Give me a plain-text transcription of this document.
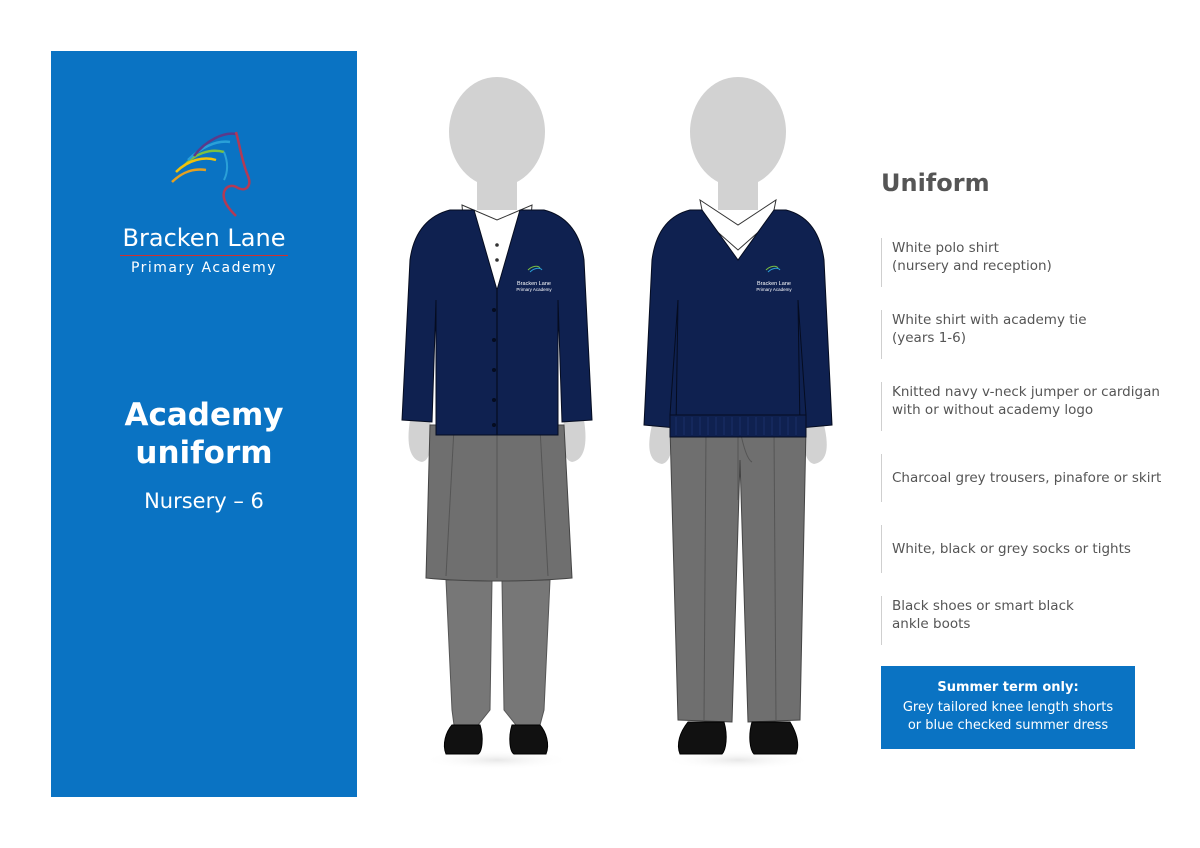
Bracken Lane
Primary Academy
Academy
uniform
Nursery – 6
Bracken Lane
Primary Academy
Bracken Lane
Primary Academy
Uniform
White polo shirt
(nursery and reception)
White shirt with academy tie
(years 1-6)
Knitted navy v-neck jumper or cardigan
with or without academy logo
Charcoal grey trousers, pinafore or skirt
White, black or grey socks or tights
Black shoes or smart black
ankle boots
Summer term only:
Grey tailored knee length shorts
or blue checked summer dress
